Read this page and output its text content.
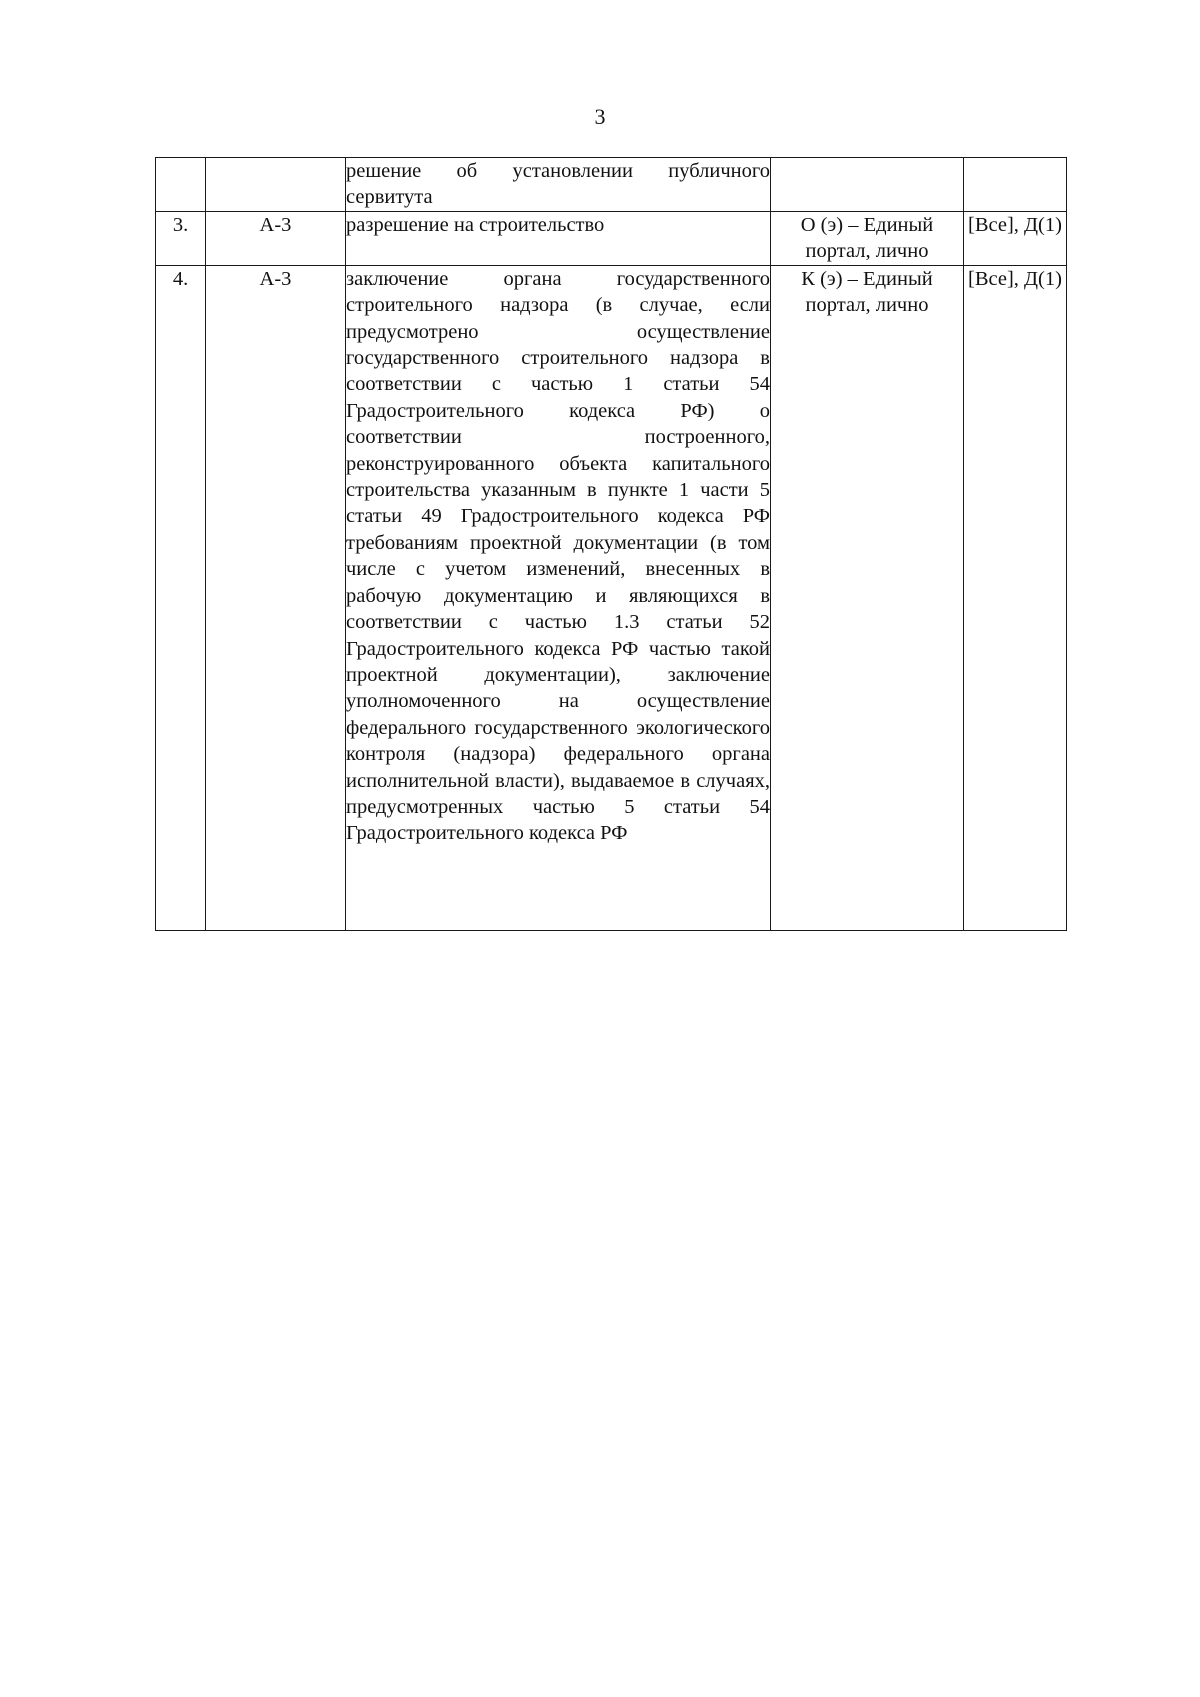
3
		решение об установлении публичного сервитута		
3.	А-3	разрешение на строительство	О (э) – Единый портал, лично	[Все], Д(1)
4.	А-3	заключение органа государственного строительного надзора (в случае, если предусмотрено осуществление государственного строительного надзора в соответствии с частью 1 статьи 54 Градостроительного кодекса РФ) о соответствии построенного, реконструированного объекта капитального строительства указанным в пункте 1 части 5 статьи 49 Градостроительного кодекса РФ требованиям проектной документации (в том числе с учетом изменений, внесенных в рабочую документацию и являющихся в соответствии с частью 1.3 статьи 52 Градостроительного кодекса РФ частью такой проектной документации), заключение уполномоченного на осуществление федерального государственного экологического контроля (надзора) федерального органа исполнительной власти), выдаваемое в случаях, предусмотренных частью 5 статьи 54 Градостроительного кодекса РФ	К (э) – Единый портал, лично	[Все], Д(1)
